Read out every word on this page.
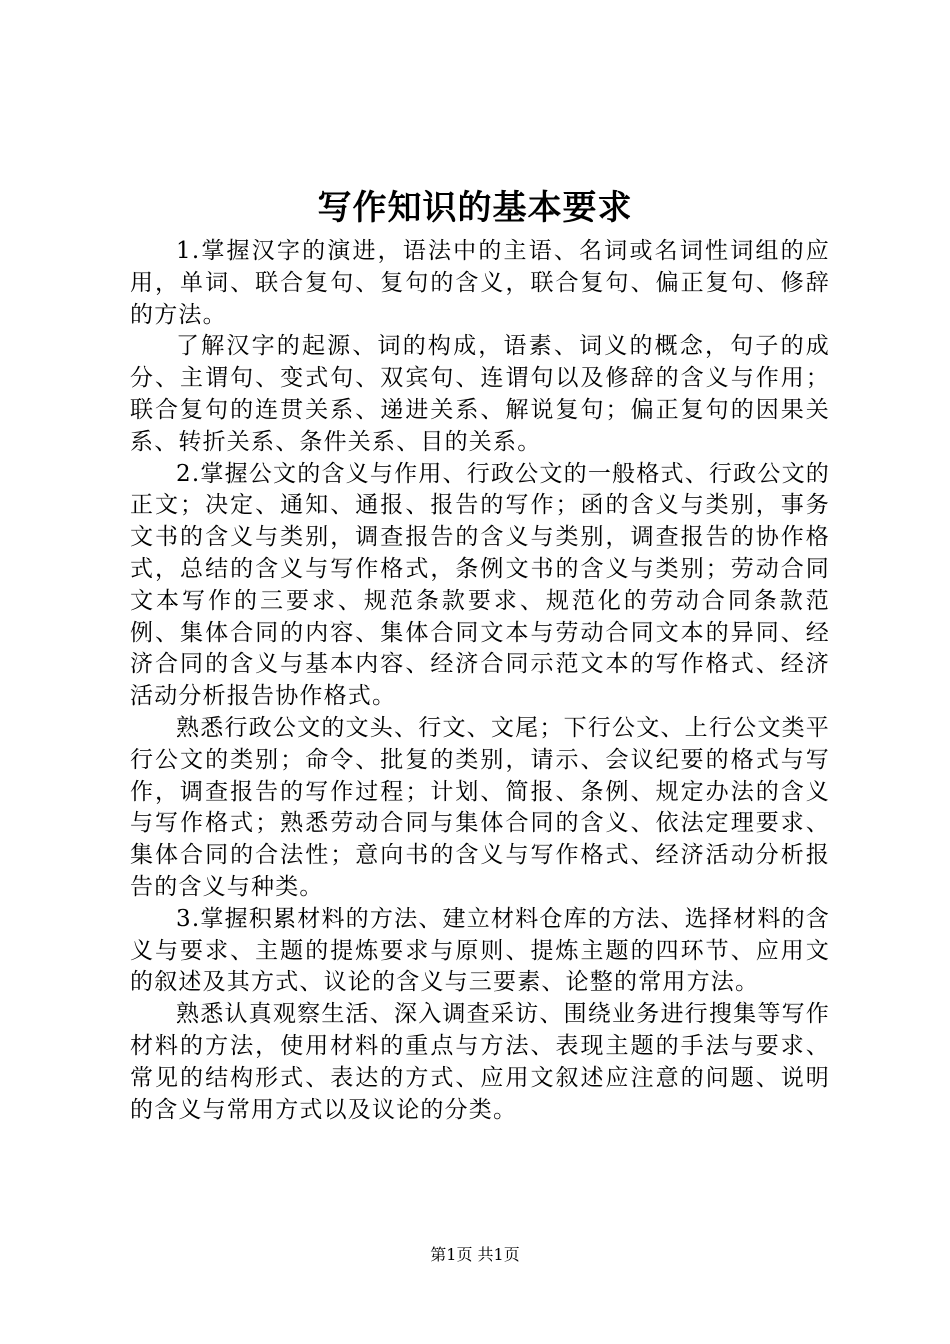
写作知识的基本要求

1.掌握汉字的演进，语法中的主语、名词或名词性词组的应用，单词、联合复句、复句的含义，联合复句、偏正复句、修辞的方法。

了解汉字的起源、词的构成，语素、词义的概念，句子的成分、主谓句、变式句、双宾句、连谓句以及修辞的含义与作用；联合复句的连贯关系、递进关系、解说复句；偏正复句的因果关系、转折关系、条件关系、目的关系。

2.掌握公文的含义与作用、行政公文的一般格式、行政公文的正文；决定、通知、通报、报告的写作；函的含义与类别，事务文书的含义与类别，调查报告的含义与类别，调查报告的协作格式，总结的含义与写作格式，条例文书的含义与类别；劳动合同文本写作的三要求、规范条款要求、规范化的劳动合同条款范例、集体合同的内容、集体合同文本与劳动合同文本的异同、经济合同的含义与基本内容、经济合同示范文本的写作格式、经济活动分析报告协作格式。

熟悉行政公文的文头、行文、文尾；下行公文、上行公文类平行公文的类别；命令、批复的类别，请示、会议纪要的格式与写作，调查报告的写作过程；计划、简报、条例、规定办法的含义与写作格式；熟悉劳动合同与集体合同的含义、依法定理要求、集体合同的合法性；意向书的含义与写作格式、经济活动分析报告的含义与种类。

3.掌握积累材料的方法、建立材料仓库的方法、选择材料的含义与要求、主题的提炼要求与原则、提炼主题的四环节、应用文的叙述及其方式、议论的含义与三要素、论整的常用方法。

熟悉认真观察生活、深入调查采访、围绕业务进行搜集等写作材料的方法，使用材料的重点与方法、表现主题的手法与要求、常见的结构形式、表达的方式、应用文叙述应注意的问题、说明的含义与常用方式以及议论的分类。

第1页 共1页
